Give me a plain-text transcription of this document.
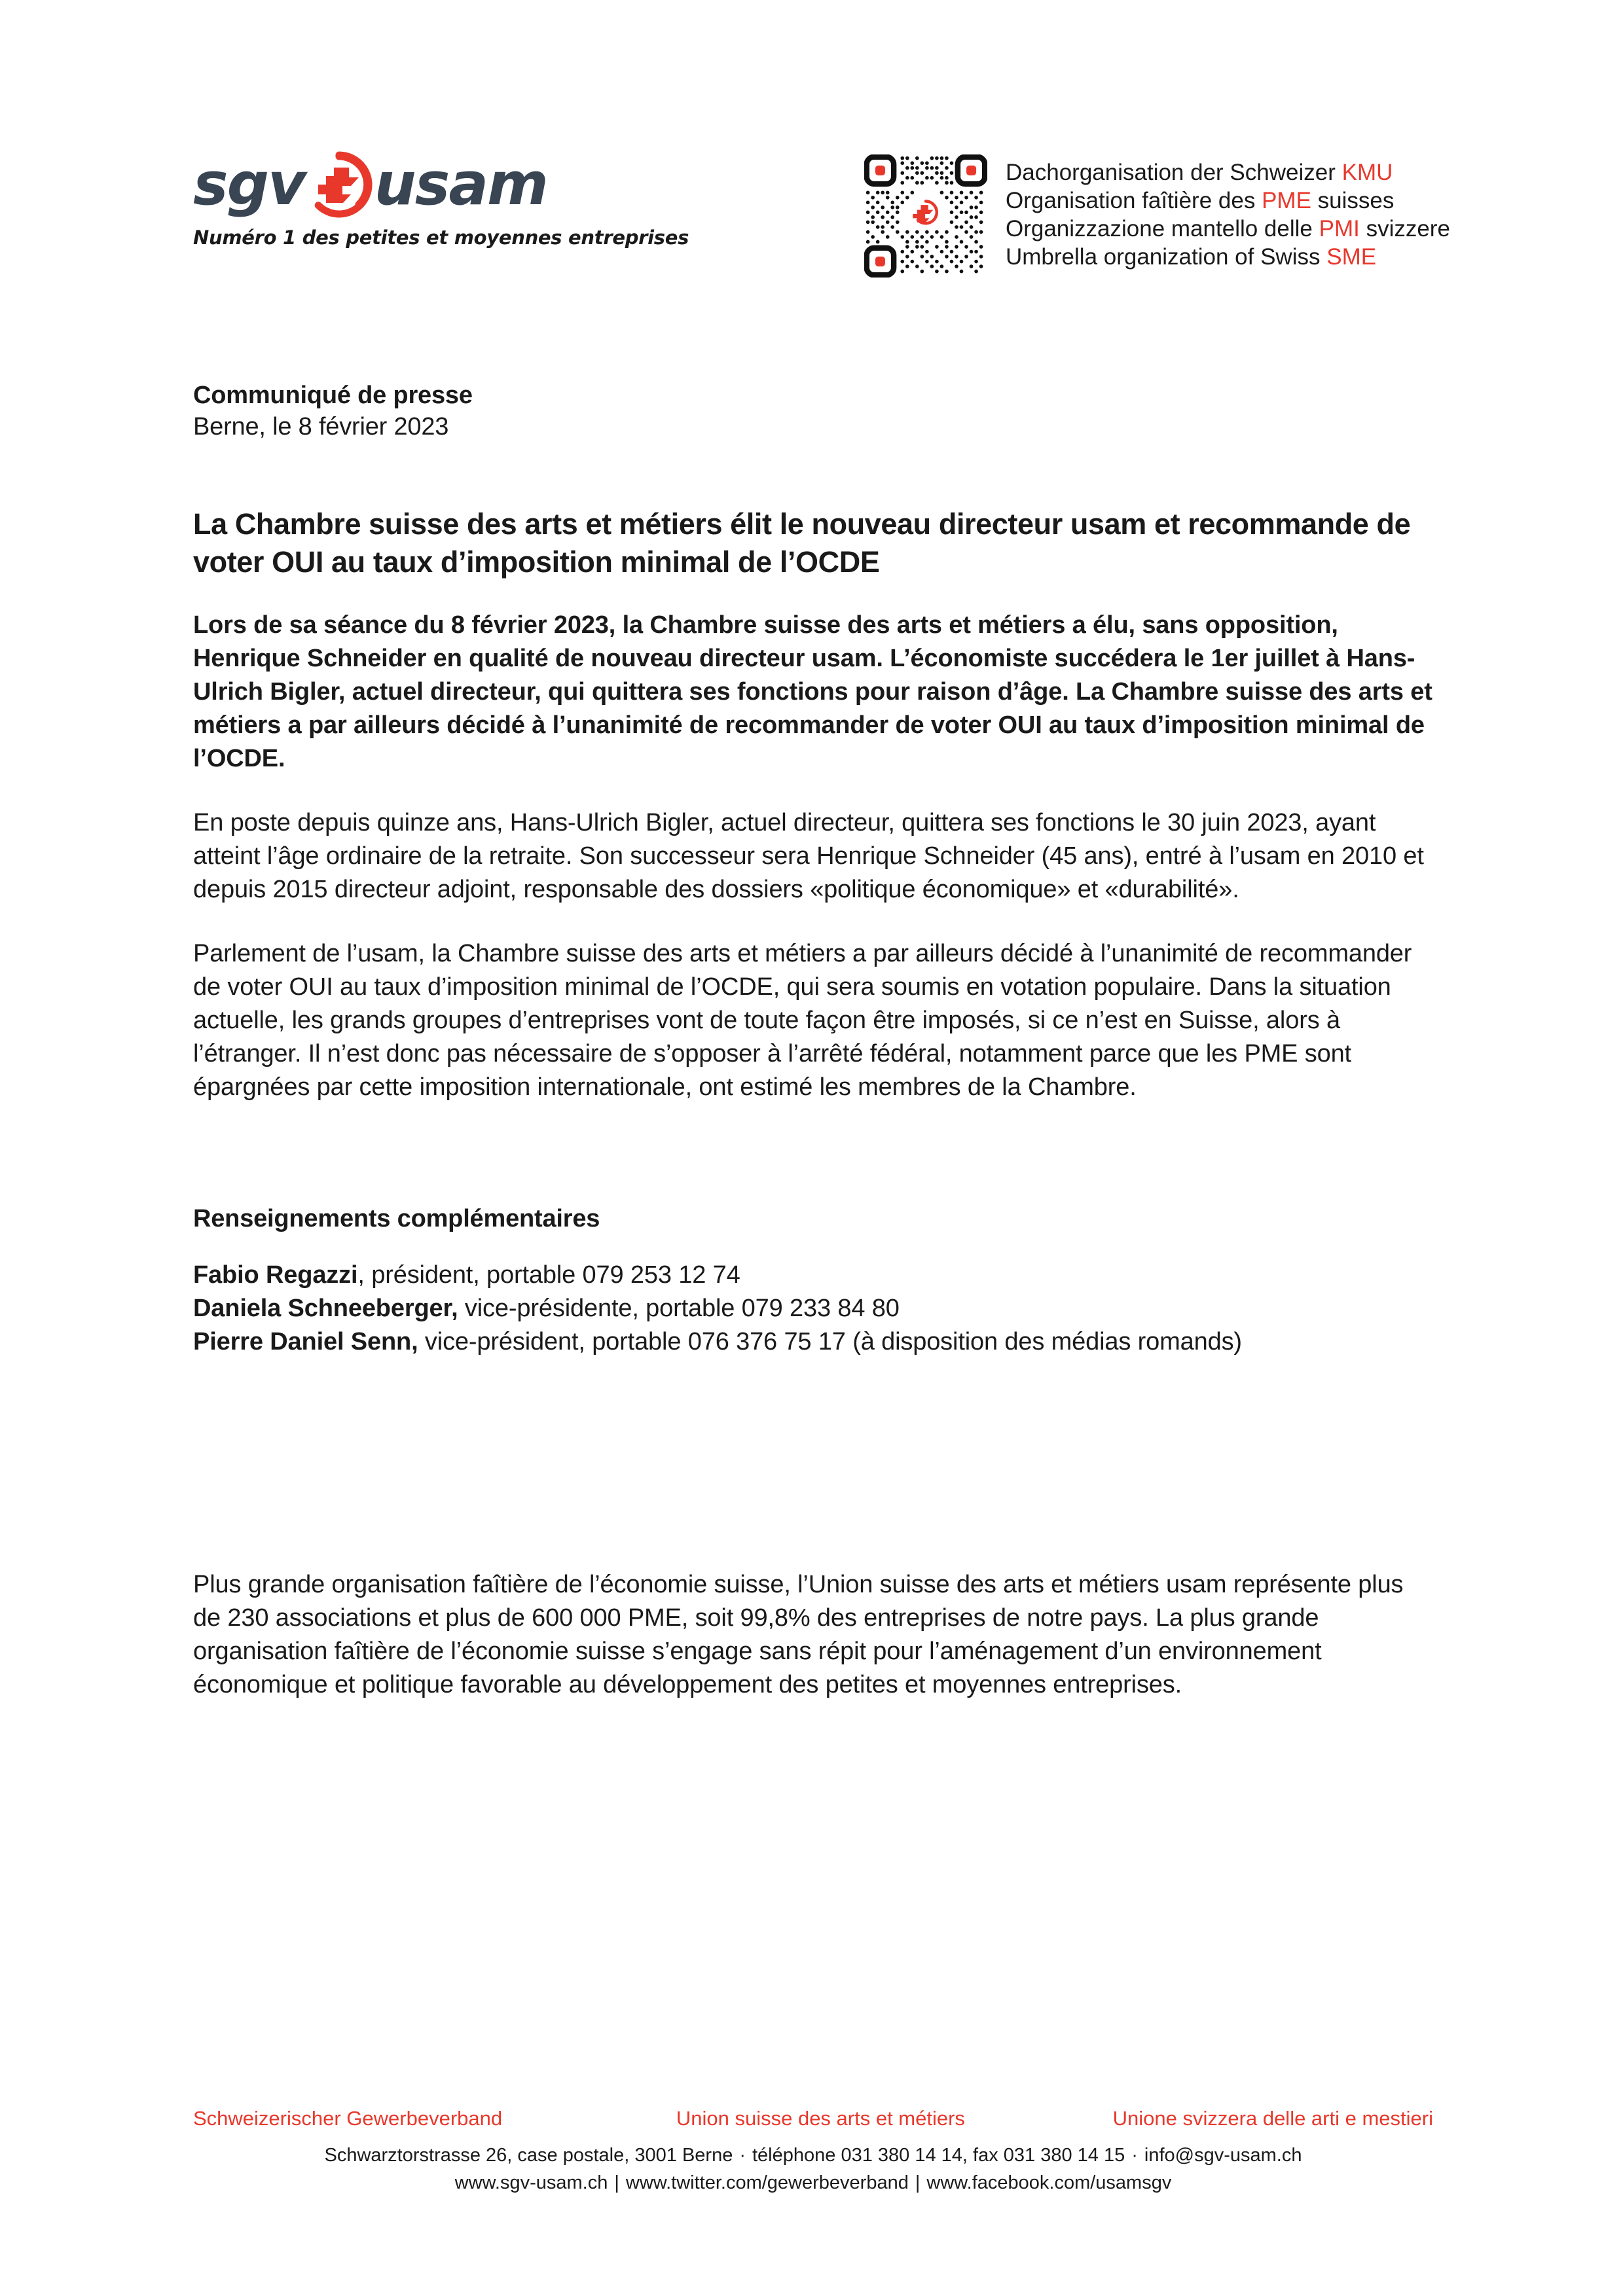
sgv usam
Numéro 1 des petites et moyennes entreprises
Dachorganisation der Schweizer KMU
Organisation faîtière des PME suisses
Organizzazione mantello delle PMI svizzere
Umbrella organization of Swiss SME
Communiqué de presse
Berne, le 8 février 2023
La Chambre suisse des arts et métiers élit le nouveau directeur usam et recommande de voter OUI au taux d’imposition minimal de l’OCDE

Lors de sa séance du 8 février 2023, la Chambre suisse des arts et métiers a élu, sans opposition, Henrique Schneider en qualité de nouveau directeur usam. L’économiste succédera le 1er juillet à Hans-Ulrich Bigler, actuel directeur, qui quittera ses fonctions pour raison d’âge. La Chambre suisse des arts et métiers a par ailleurs décidé à l’unanimité de recommander de voter OUI au taux d’imposition minimal de l’OCDE.

En poste depuis quinze ans, Hans-Ulrich Bigler, actuel directeur, quittera ses fonctions le 30 juin 2023, ayant atteint l’âge ordinaire de la retraite. Son successeur sera Henrique Schneider (45 ans), entré à l’usam en 2010 et depuis 2015 directeur adjoint, responsable des dossiers «politique économique» et «durabilité».

Parlement de l’usam, la Chambre suisse des arts et métiers a par ailleurs décidé à l’unanimité de recommander de voter OUI au taux d’imposition minimal de l’OCDE, qui sera soumis en votation populaire. Dans la situation actuelle, les grands groupes d’entreprises vont de toute façon être imposés, si ce n’est en Suisse, alors à l’étranger. Il n’est donc pas nécessaire de s’opposer à l’arrêté fédéral, notamment parce que les PME sont épargnées par cette imposition internationale, ont estimé les membres de la Chambre.

Renseignements complémentaires
Fabio Regazzi, président, portable 079 253 12 74
Daniela Schneeberger, vice-présidente, portable 079 233 84 80
Pierre Daniel Senn, vice-président, portable 076 376 75 17 (à disposition des médias romands)

Plus grande organisation faîtière de l’économie suisse, l’Union suisse des arts et métiers usam représente plus de 230 associations et plus de 600 000 PME, soit 99,8% des entreprises de notre pays. La plus grande organisation faîtière de l’économie suisse s’engage sans répit pour l’aménagement d’un environnement économique et politique favorable au développement des petites et moyennes entreprises.

Schweizerischer Gewerbeverband	Union suisse des arts et métiers	Unione svizzera delle arti e mestieri
Schwarztorstrasse 26, case postale, 3001 Berne · téléphone 031 380 14 14, fax 031 380 14 15 · info@sgv-usam.ch
www.sgv-usam.ch | www.twitter.com/gewerbeverband | www.facebook.com/usamsgv
